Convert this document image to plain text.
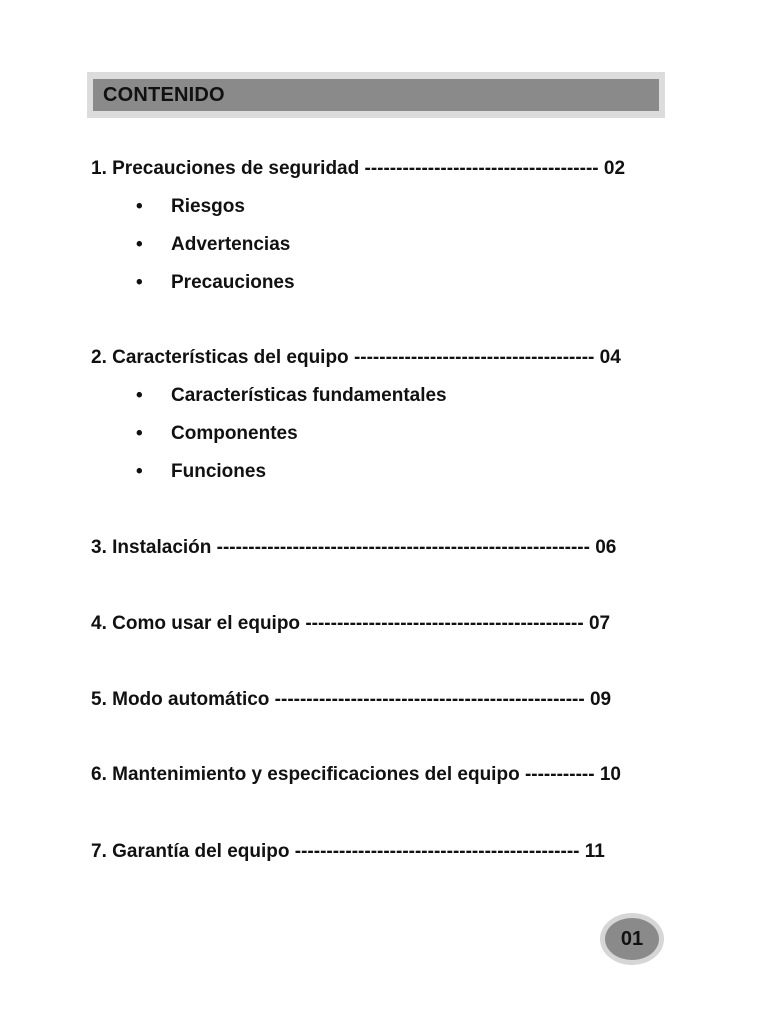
CONTENIDO
1. Precauciones de seguridad ------------------------------------- 02
• Riesgos
• Advertencias
• Precauciones
2. Características del equipo -------------------------------------- 04
• Características fundamentales
• Componentes
• Funciones
3. Instalación ----------------------------------------------------------- 06
4. Como usar el equipo -------------------------------------------- 07
5. Modo automático ------------------------------------------------- 09
6. Mantenimiento y especificaciones del equipo ----------- 10
7. Garantía del equipo --------------------------------------------- 11
01
